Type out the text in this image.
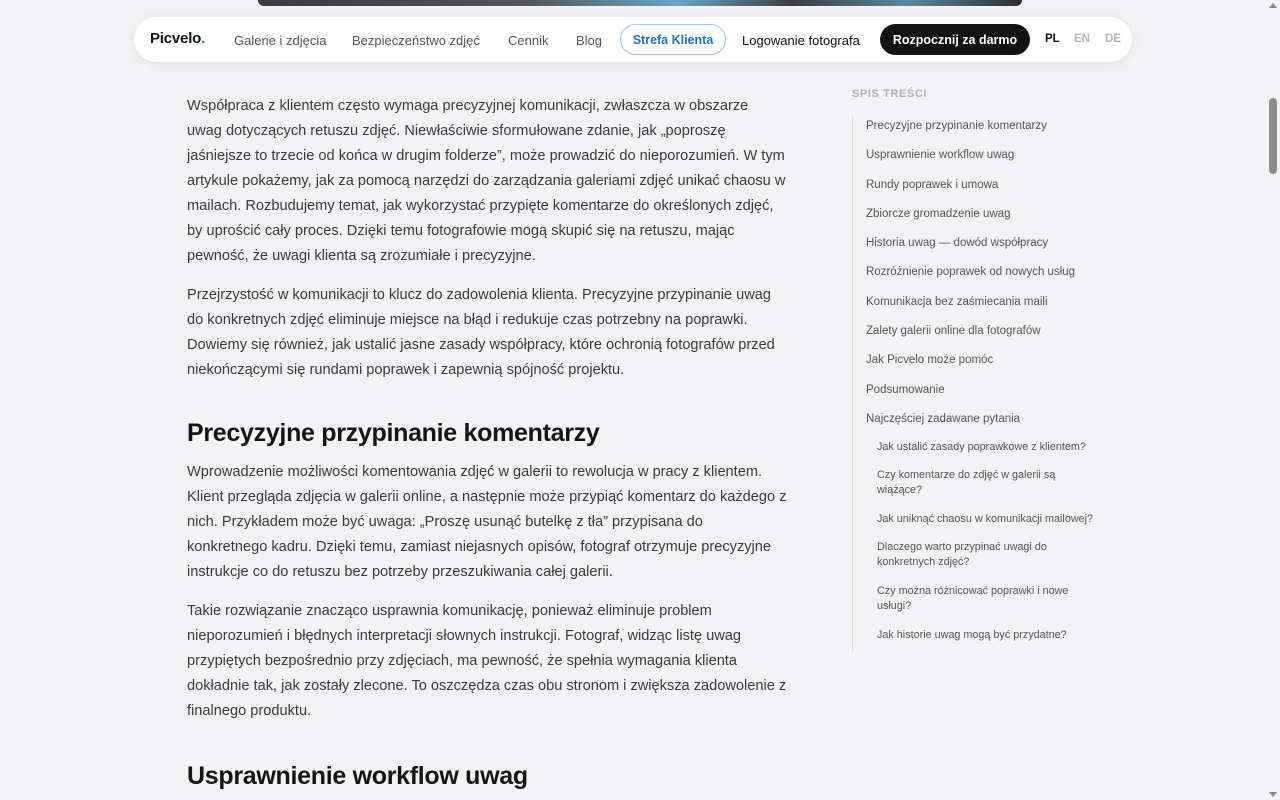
Picvelo. Galerie i zdjęcia Bezpieczeństwo zdjęć Cennik Blog	Strefa Klienta	Logowanie fotografa	Rozpocznij za darmo	PL EN DE

Współpraca z klientem często wymaga precyzyjnej komunikacji, zwłaszcza w obszarze uwag dotyczących retuszu zdjęć. Niewłaściwie sformułowane zdanie, jak „poproszę jaśniejsze to trzecie od końca w drugim folderze”, może prowadzić do nieporozumień. W tym artykule pokażemy, jak za pomocą narzędzi do zarządzania galeriami zdjęć unikać chaosu w mailach. Rozbudujemy temat, jak wykorzystać przypięte komentarze do określonych zdjęć, by uprościć cały proces. Dzięki temu fotografowie mogą skupić się na retuszu, mając pewność, że uwagi klienta są zrozumiałe i precyzyjne.

Przejrzystość w komunikacji to klucz do zadowolenia klienta. Precyzyjne przypinanie uwag do konkretnych zdjęć eliminuje miejsce na błąd i redukuje czas potrzebny na poprawki. Dowiemy się również, jak ustalić jasne zasady współpracy, które ochronią fotografów przed niekończącymi się rundami poprawek i zapewnią spójność projektu.

Precyzyjne przypinanie komentarzy

Wprowadzenie możliwości komentowania zdjęć w galerii to rewolucja w pracy z klientem. Klient przegląda zdjęcia w galerii online, a następnie może przypiąć komentarz do każdego z nich. Przykładem może być uwaga: „Proszę usunąć butelkę z tła” przypisana do konkretnego kadru. Dzięki temu, zamiast niejasnych opisów, fotograf otrzymuje precyzyjne instrukcje co do retuszu bez potrzeby przeszukiwania całej galerii.

Takie rozwiązanie znacząco usprawnia komunikację, ponieważ eliminuje problem nieporozumień i błędnych interpretacji słownych instrukcji. Fotograf, widząc listę uwag przypiętych bezpośrednio przy zdjęciach, ma pewność, że spełnia wymagania klienta dokładnie tak, jak zostały zlecone. To oszczędza czas obu stronom i zwiększa zadowolenie z finalnego produktu.

Usprawnienie workflow uwag
SPIS TREŚCI
Precyzyjne przypinanie komentarzy
Usprawnienie workflow uwag
Rundy poprawek i umowa
Zbiorcze gromadzenie uwag
Historia uwag — dowód współpracy
Rozróżnienie poprawek od nowych usług
Komunikacja bez zaśmiecania maili
Zalety galerii online dla fotografów
Jak Picvelo może pomóc
Podsumowanie
Najczęściej zadawane pytania
Jak ustalić zasady poprawkowe z klientem?
Czy komentarze do zdjęć w galerii są wiążące?
Jak uniknąć chaosu w komunikacji mailowej?
Dlaczego warto przypinać uwagi do konkretnych zdjęć?
Czy można różnicować poprawki i nowe usługi?
Jak historie uwag mogą być przydatne?
